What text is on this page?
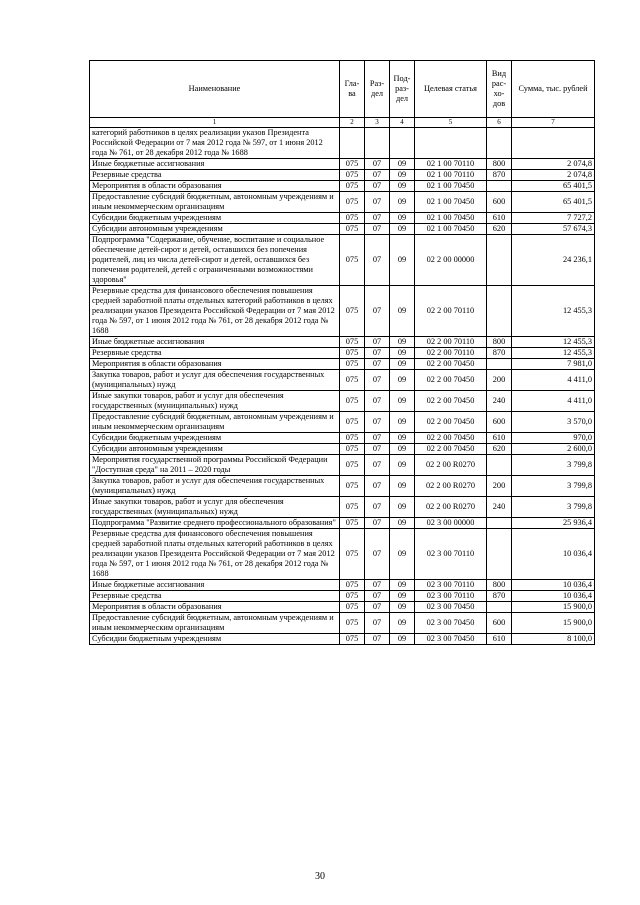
Наименование	Гла-ва	Раз-дел	Под-раз-дел	Целевая статья	Вид рас-хо-дов	Сумма, тыс. рублей
1	2	3	4	5	6	7
категорий работников в целях реализации указов Президента Российской Федерации от 7 мая 2012 года № 597, от 1 июня 2012 года № 761, от 28 декабря 2012 года № 1688						
Иные бюджетные ассигнования	075	07	09	02 1 00 70110	800	2 074,8
Резервные средства	075	07	09	02 1 00 70110	870	2 074,8
Мероприятия в области образования	075	07	09	02 1 00 70450		65 401,5
Предоставление субсидий бюджетным, автономным учреждениям и иным некоммерческим организациям	075	07	09	02 1 00 70450	600	65 401,5
Субсидии бюджетным учреждениям	075	07	09	02 1 00 70450	610	7 727,2
Субсидии автономным учреждениям	075	07	09	02 1 00 70450	620	57 674,3
Подпрограмма "Содержание, обучение, воспитание и социальное обеспечение детей-сирот и детей, оставшихся без попечения родителей, лиц из числа детей-сирот и детей, оставшихся без попечения родителей, детей с ограниченными возможностями здоровья"	075	07	09	02 2 00 00000		24 236,1
Резервные средства для финансового обеспечения повышения средней заработной платы отдельных категорий работников в целях реализации указов Президента Российской Федерации от 7 мая 2012 года № 597, от 1 июня 2012 года № 761, от 28 декабря 2012 года № 1688	075	07	09	02 2 00 70110		12 455,3
Иные бюджетные ассигнования	075	07	09	02 2 00 70110	800	12 455,3
Резервные средства	075	07	09	02 2 00 70110	870	12 455,3
Мероприятия в области образования	075	07	09	02 2 00 70450		7 981,0
Закупка товаров, работ и услуг для обеспечения государственных (муниципальных) нужд	075	07	09	02 2 00 70450	200	4 411,0
Иные закупки товаров, работ и услуг для обеспечения государственных (муниципальных) нужд	075	07	09	02 2 00 70450	240	4 411,0
Предоставление субсидий бюджетным, автономным учреждениям и иным некоммерческим организациям	075	07	09	02 2 00 70450	600	3 570,0
Субсидии бюджетным учреждениям	075	07	09	02 2 00 70450	610	970,0
Субсидии автономным учреждениям	075	07	09	02 2 00 70450	620	2 600,0
Мероприятия государственной программы Российской Федерации "Доступная среда" на 2011 – 2020 годы	075	07	09	02 2 00 R0270		3 799,8
Закупка товаров, работ и услуг для обеспечения государственных (муниципальных) нужд	075	07	09	02 2 00 R0270	200	3 799,8
Иные закупки товаров, работ и услуг для обеспечения государственных (муниципальных) нужд	075	07	09	02 2 00 R0270	240	3 799,8
Подпрограмма "Развитие среднего профессионального образования"	075	07	09	02 3 00 00000		25 936,4
Резервные средства для финансового обеспечения повышения средней заработной платы отдельных категорий работников в целях реализации указов Президента Российской Федерации от 7 мая 2012 года № 597, от 1 июня 2012 года № 761, от 28 декабря 2012 года № 1688	075	07	09	02 3 00 70110		10 036,4
Иные бюджетные ассигнования	075	07	09	02 3 00 70110	800	10 036,4
Резервные средства	075	07	09	02 3 00 70110	870	10 036,4
Мероприятия в области образования	075	07	09	02 3 00 70450		15 900,0
Предоставление субсидий бюджетным, автономным учреждениям и иным некоммерческим организациям	075	07	09	02 3 00 70450	600	15 900,0
Субсидии бюджетным учреждениям	075	07	09	02 3 00 70450	610	8 100,0
30
